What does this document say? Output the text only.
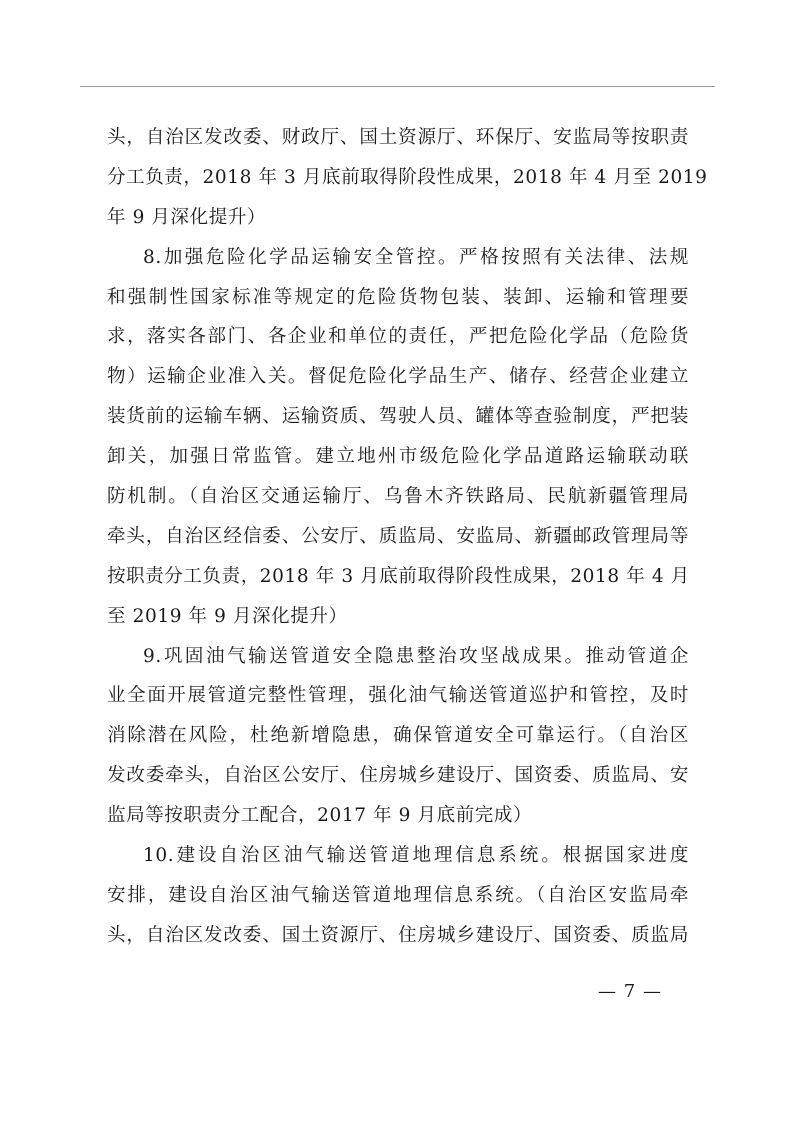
头，自治区发改委、财政厅、国土资源厅、环保厅、安监局等按职责
分工负责，2018 年 3 月底前取得阶段性成果，2018 年 4 月至 2019
年 9 月深化提升）
8.加强危险化学品运输安全管控。严格按照有关法律、法规
和强制性国家标准等规定的危险货物包装、装卸、运输和管理要
求，落实各部门、各企业和单位的责任，严把危险化学品（危险货
物）运输企业准入关。督促危险化学品生产、储存、经营企业建立
装货前的运输车辆、运输资质、驾驶人员、罐体等查验制度，严把装
卸关，加强日常监管。建立地州市级危险化学品道路运输联动联
防机制。（自治区交通运输厅、乌鲁木齐铁路局、民航新疆管理局
牵头，自治区经信委、公安厅、质监局、安监局、新疆邮政管理局等
按职责分工负责，2018 年 3 月底前取得阶段性成果，2018 年 4 月
至 2019 年 9 月深化提升）
9.巩固油气输送管道安全隐患整治攻坚战成果。推动管道企
业全面开展管道完整性管理，强化油气输送管道巡护和管控，及时
消除潜在风险，杜绝新增隐患，确保管道安全可靠运行。（自治区
发改委牵头，自治区公安厅、住房城乡建设厅、国资委、质监局、安
监局等按职责分工配合，2017 年 9 月底前完成）
10.建设自治区油气输送管道地理信息系统。根据国家进度
安排，建设自治区油气输送管道地理信息系统。（自治区安监局牵
头，自治区发改委、国土资源厅、住房城乡建设厅、国资委、质监局
— 7 —
